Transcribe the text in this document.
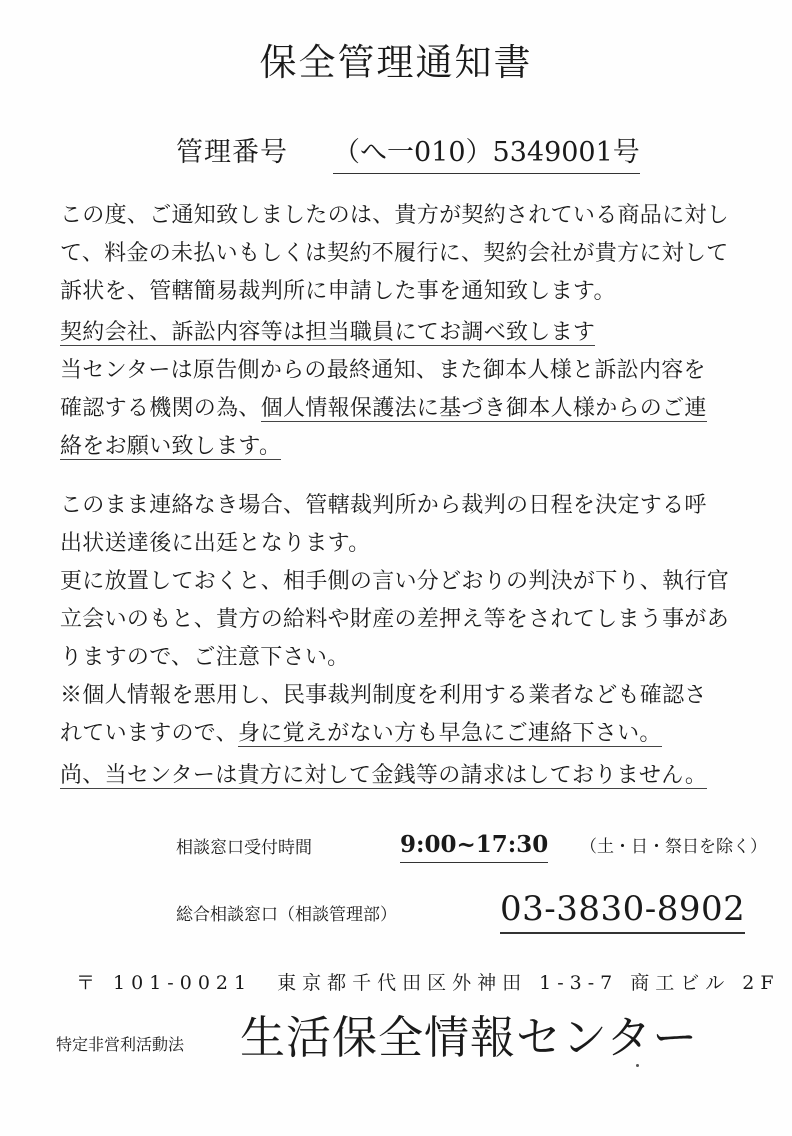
保全管理通知書
管理番号 （へ一010）5349001号
この度、ご通知致しましたのは、貴方が契約されている商品に対し
て、料金の未払いもしくは契約不履行に、契約会社が貴方に対して
訴状を、管轄簡易裁判所に申請した事を通知致します。
契約会社、訴訟内容等は担当職員にてお調べ致します
当センターは原告側からの最終通知、また御本人様と訴訟内容を
確認する機関の為、個人情報保護法に基づき御本人様からのご連
絡をお願い致します。
このまま連絡なき場合、管轄裁判所から裁判の日程を決定する呼
出状送達後に出廷となります。
更に放置しておくと、相手側の言い分どおりの判決が下り、執行官
立会いのもと、貴方の給料や財産の差押え等をされてしまう事があ
りますので、ご注意下さい。
※個人情報を悪用し、民事裁判制度を利用する業者なども確認さ
れていますので、身に覚えがない方も早急にご連絡下さい。
尚、当センターは貴方に対して金銭等の請求はしておりません。
相談窓口受付時間	9:00~17:30 （土・日・祭日を除く）
総合相談窓口（相談管理部）	03-3830-8902
〒 101-0021　東京都千代田区外神田 1-3-7 商工ビル 2F
特定非営利活動法 生活保全情報センター
